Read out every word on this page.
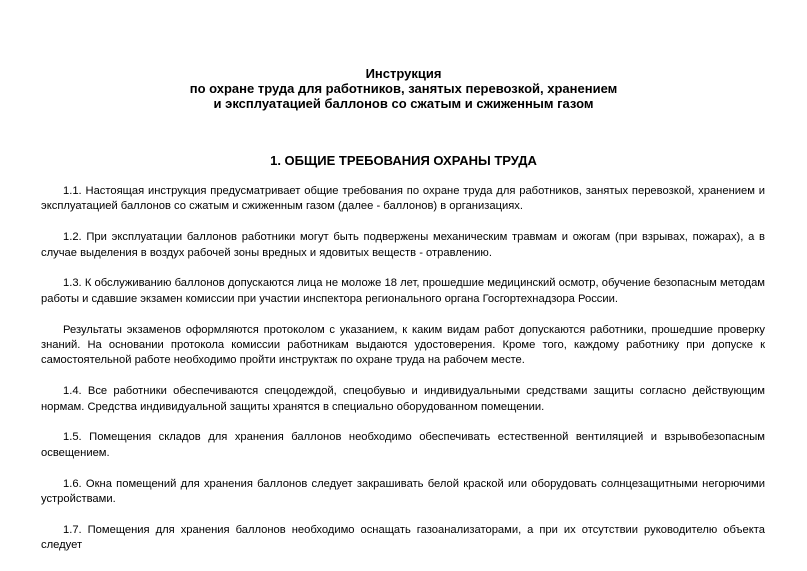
Инструкция
по охране труда для работников, занятых перевозкой, хранением
и эксплуатацией баллонов со сжатым и сжиженным газом
1. ОБЩИЕ ТРЕБОВАНИЯ ОХРАНЫ ТРУДА

1.1. Настоящая инструкция предусматривает общие требования по охране труда для работников, занятых перевозкой, хранением и эксплуатацией баллонов со сжатым и сжиженным газом (далее - баллонов) в организациях.

1.2. При эксплуатации баллонов работники могут быть подвержены механическим травмам и ожогам (при взрывах, пожарах), а в случае выделения в воздух рабочей зоны вредных и ядовитых веществ - отравлению.

1.3. К обслуживанию баллонов допускаются лица не моложе 18 лет, прошедшие медицинский осмотр, обучение безопасным методам работы и сдавшие экзамен комиссии при участии инспектора регионального органа Госгортехнадзора России.

Результаты экзаменов оформляются протоколом с указанием, к каким видам работ допускаются работники, прошедшие проверку знаний. На основании протокола комиссии работникам выдаются удостоверения. Кроме того, каждому работнику при допуске к самостоятельной работе необходимо пройти инструктаж по охране труда на рабочем месте.

1.4. Все работники обеспечиваются спецодеждой, спецобувью и индивидуальными средствами защиты согласно действующим нормам. Средства индивидуальной защиты хранятся в специально оборудованном помещении.

1.5. Помещения складов для хранения баллонов необходимо обеспечивать естественной вентиляцией и взрывобезопасным освещением.

1.6. Окна помещений для хранения баллонов следует закрашивать белой краской или оборудовать солнцезащитными негорючими устройствами.

1.7. Помещения для хранения баллонов необходимо оснащать газоанализаторами, а при их отсутствии руководителю объекта следует
